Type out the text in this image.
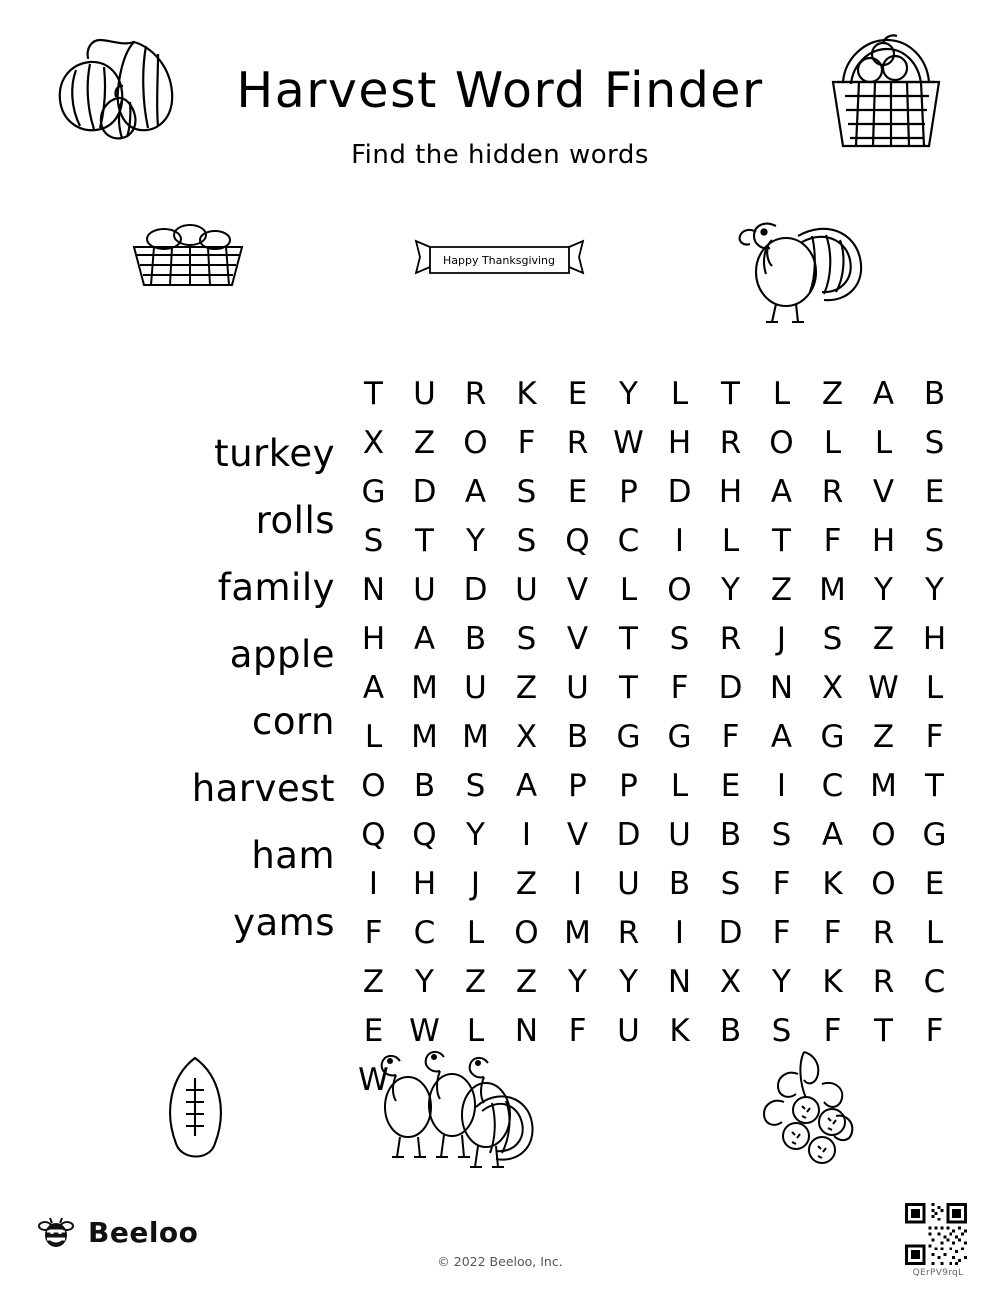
Harvest Word Finder
Find the hidden words
Happy Thanksgiving
turkey
rolls
family
apple
corn
harvest
ham
yams
T U R K	E	Y	L	T	L	Z A B
X Z O F	R W H R O L	L	S
G D A S	E	P D H A R V E
S	T	Y	S Q C	I	L	T	F H S
N U D U V	L O Y Z M Y	Y
H A B S V T	S R	J	S Z H
A M U Z U T	F D N X W L
L M M X B G G F	A G Z	F
O B S A	P	P	L	E	I	C M T
Q Q Y	I	V D U B S A O G
I	H	J	Z	I	U B S	F	K O E
F	C	L O M R	I	D F	F	R	L
Z Y Z Z Y	Y N X Y	K R C
E W L N F U K B S	F	T	F
W
Beeloo
© 2022 Beeloo, Inc.
QErPV9rqL
